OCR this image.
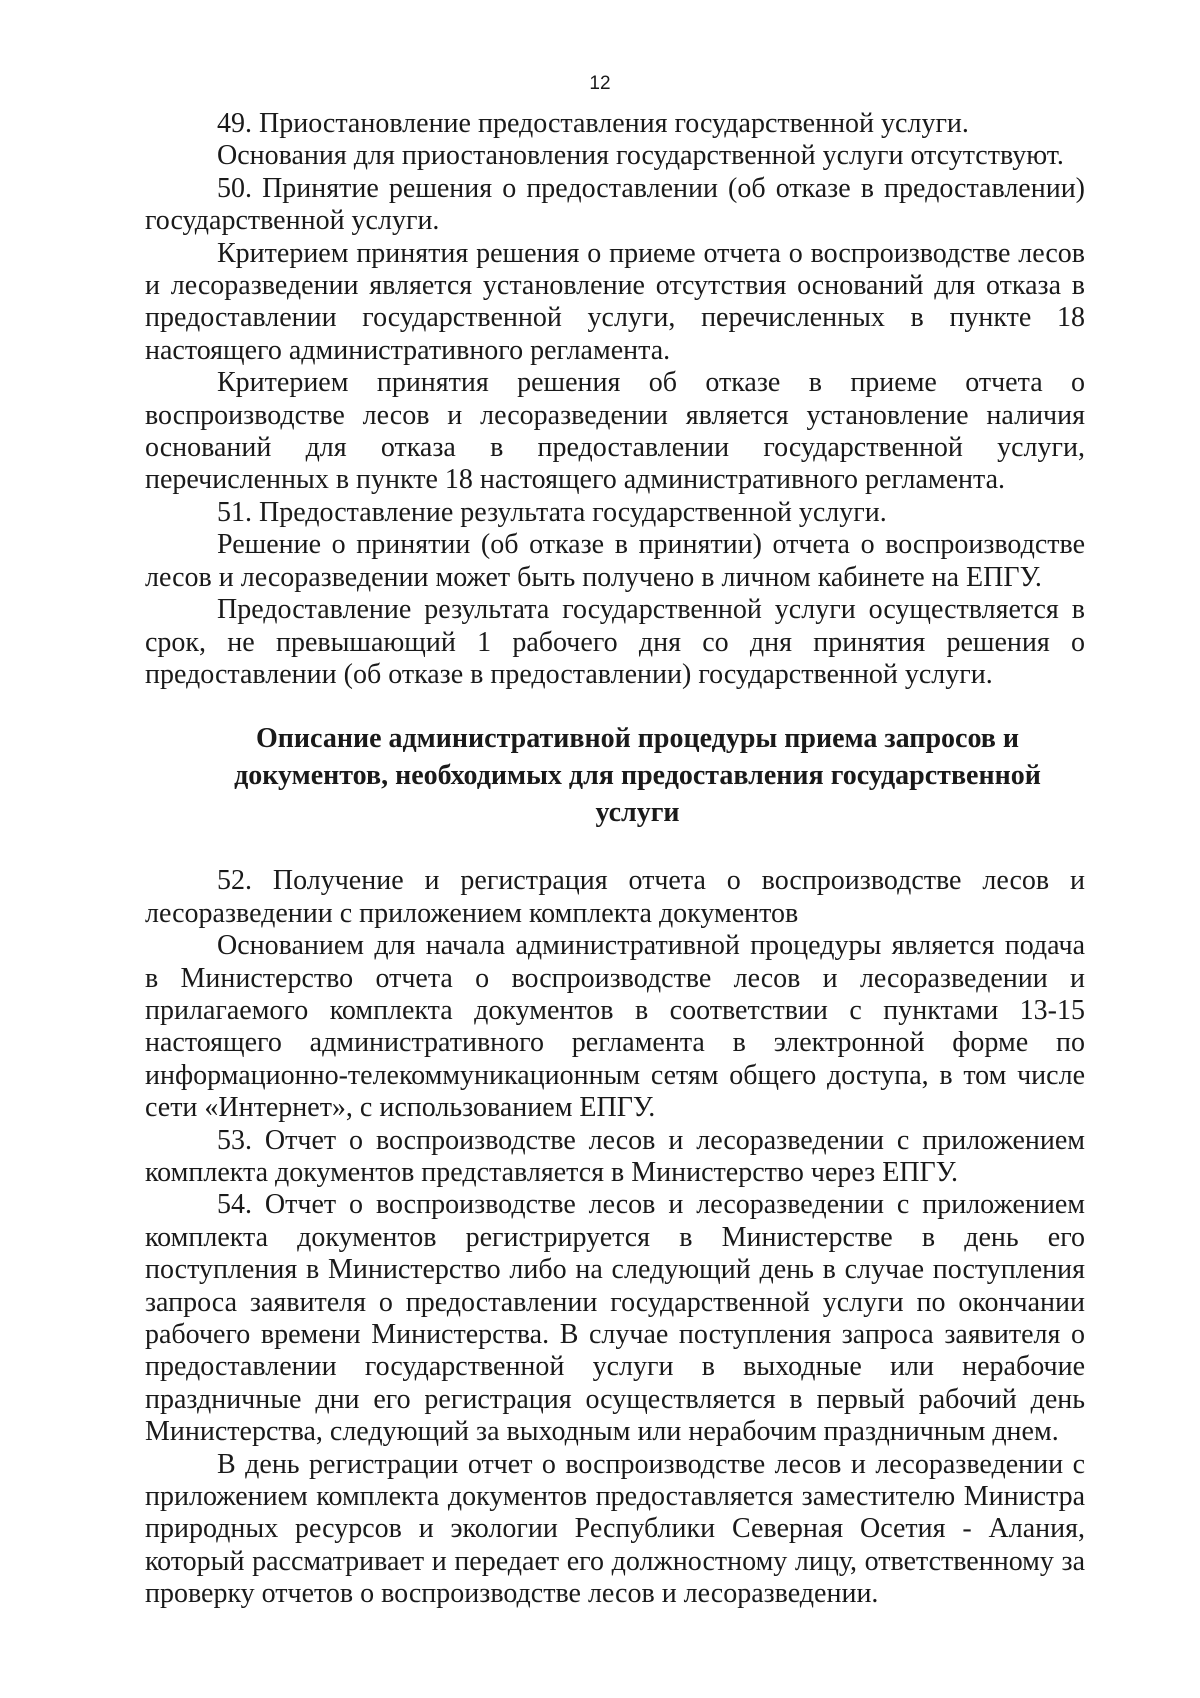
12

49. Приостановление предоставления государственной услуги.

Основания для приостановления государственной услуги отсутствуют.

50. Принятие решения о предоставлении (об отказе в предоставлении) государственной услуги.

Критерием принятия решения о приеме отчета о воспроизводстве лесов и лесоразведении является установление отсутствия оснований для отказа в предоставлении государственной услуги, перечисленных в пункте 18 настоящего административного регламента.

Критерием принятия решения об отказе в приеме отчета о воспроизводстве лесов и лесоразведении является установление наличия оснований для отказа в предоставлении государственной услуги, перечисленных в пункте 18 настоящего административного регламента.

51. Предоставление результата государственной услуги.

Решение о принятии (об отказе в принятии) отчета о воспроизводстве лесов и лесоразведении может быть получено в личном кабинете на ЕПГУ.

Предоставление результата государственной услуги осуществляется в срок, не превышающий 1 рабочего дня со дня принятия решения о предоставлении (об отказе в предоставлении) государственной услуги.

Описание административной процедуры приема запросов и документов, необходимых для предоставления государственной услуги

52. Получение и регистрация отчета о воспроизводстве лесов и лесоразведении с приложением комплекта документов

Основанием для начала административной процедуры является подача в Министерство отчета о воспроизводстве лесов и лесоразведении и прилагаемого комплекта документов в соответствии с пунктами 13-15 настоящего административного регламента в электронной форме по информационно-телекоммуникационным сетям общего доступа, в том числе сети «Интернет», с использованием ЕПГУ.

53. Отчет о воспроизводстве лесов и лесоразведении с приложением комплекта документов представляется в Министерство через ЕПГУ.

54. Отчет о воспроизводстве лесов и лесоразведении с приложением комплекта документов регистрируется в Министерстве в день его поступления в Министерство либо на следующий день в случае поступления запроса заявителя о предоставлении государственной услуги по окончании рабочего времени Министерства. В случае поступления запроса заявителя о предоставлении государственной услуги в выходные или нерабочие праздничные дни его регистрация осуществляется в первый рабочий день Министерства, следующий за выходным или нерабочим праздничным днем.

В день регистрации отчет о воспроизводстве лесов и лесоразведении с приложением комплекта документов предоставляется заместителю Министра природных ресурсов и экологии Республики Северная Осетия - Алания, который рассматривает и передает его должностному лицу, ответственному за проверку отчетов о воспроизводстве лесов и лесоразведении.
